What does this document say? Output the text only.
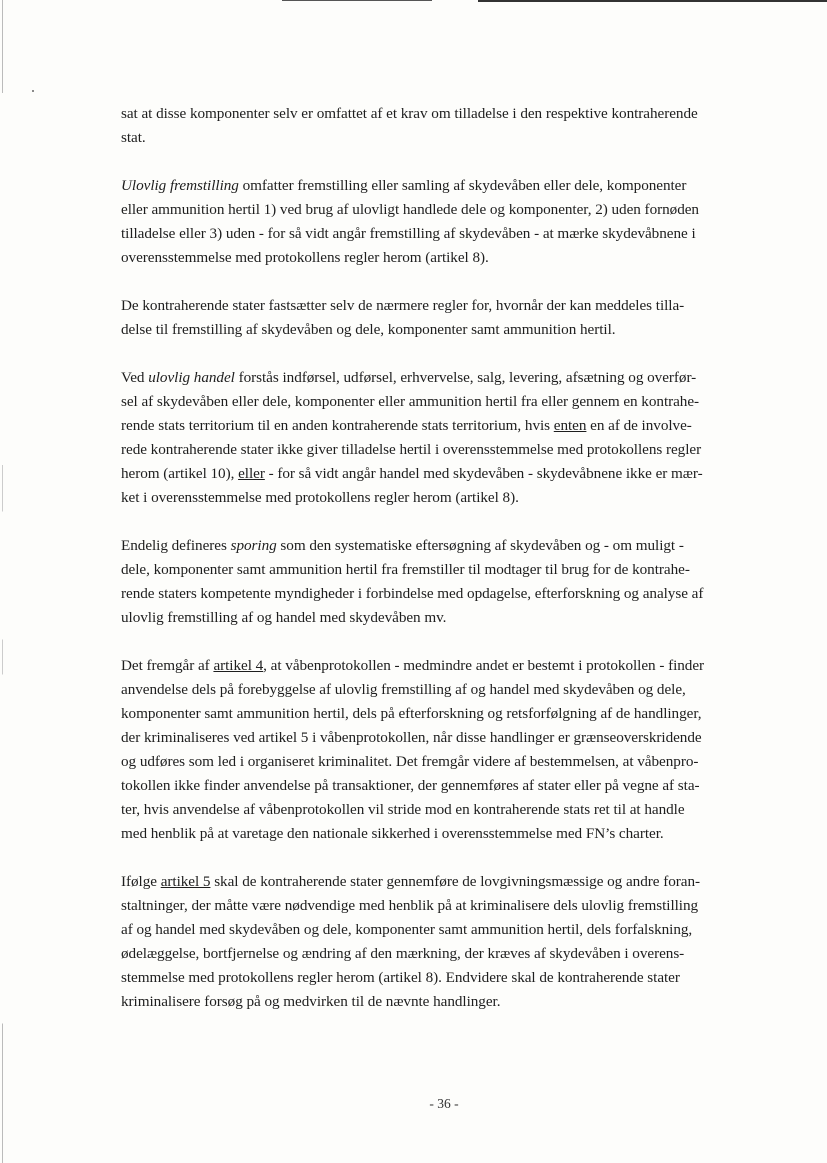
sat at disse komponenter selv er omfattet af et krav om tilladelse i den respektive kontraherende
stat.

Ulovlig fremstilling omfatter fremstilling eller samling af skydevåben eller dele, komponenter
eller ammunition hertil 1) ved brug af ulovligt handlede dele og komponenter, 2) uden fornøden
tilladelse eller 3) uden - for så vidt angår fremstilling af skydevåben - at mærke skydevåbnene i
overensstemmelse med protokollens regler herom (artikel 8).

De kontraherende stater fastsætter selv de nærmere regler for, hvornår der kan meddeles tilla-
delse til fremstilling af skydevåben og dele, komponenter samt ammunition hertil.

Ved ulovlig handel forstås indførsel, udførsel, erhvervelse, salg, levering, afsætning og overfør-
sel af skydevåben eller dele, komponenter eller ammunition hertil fra eller gennem en kontrahe-
rende stats territorium til en anden kontraherende stats territorium, hvis enten en af de involve-
rede kontraherende stater ikke giver tilladelse hertil i overensstemmelse med protokollens regler
herom (artikel 10), eller - for så vidt angår handel med skydevåben - skydevåbnene ikke er mær-
ket i overensstemmelse med protokollens regler herom (artikel 8).

Endelig defineres sporing som den systematiske eftersøgning af skydevåben og - om muligt -
dele, komponenter samt ammunition hertil fra fremstiller til modtager til brug for de kontrahe-
rende staters kompetente myndigheder i forbindelse med opdagelse, efterforskning og analyse af
ulovlig fremstilling af og handel med skydevåben mv.

Det fremgår af artikel 4, at våbenprotokollen - medmindre andet er bestemt i protokollen - finder
anvendelse dels på forebyggelse af ulovlig fremstilling af og handel med skydevåben og dele,
komponenter samt ammunition hertil, dels på efterforskning og retsforfølgning af de handlinger,
der kriminaliseres ved artikel 5 i våbenprotokollen, når disse handlinger er grænseoverskridende
og udføres som led i organiseret kriminalitet. Det fremgår videre af bestemmelsen, at våbenpro-
tokollen ikke finder anvendelse på transaktioner, der gennemføres af stater eller på vegne af sta-
ter, hvis anvendelse af våbenprotokollen vil stride mod en kontraherende stats ret til at handle
med henblik på at varetage den nationale sikkerhed i overensstemmelse med FN’s charter.

Ifølge artikel 5 skal de kontraherende stater gennemføre de lovgivningsmæssige og andre foran-
staltninger, der måtte være nødvendige med henblik på at kriminalisere dels ulovlig fremstilling
af og handel med skydevåben og dele, komponenter samt ammunition hertil, dels forfalskning,
ødelæggelse, bortfjernelse og ændring af den mærkning, der kræves af skydevåben i overens-
stemmelse med protokollens regler herom (artikel 8). Endvidere skal de kontraherende stater
kriminalisere forsøg på og medvirken til de nævnte handlinger.

- 36 -
